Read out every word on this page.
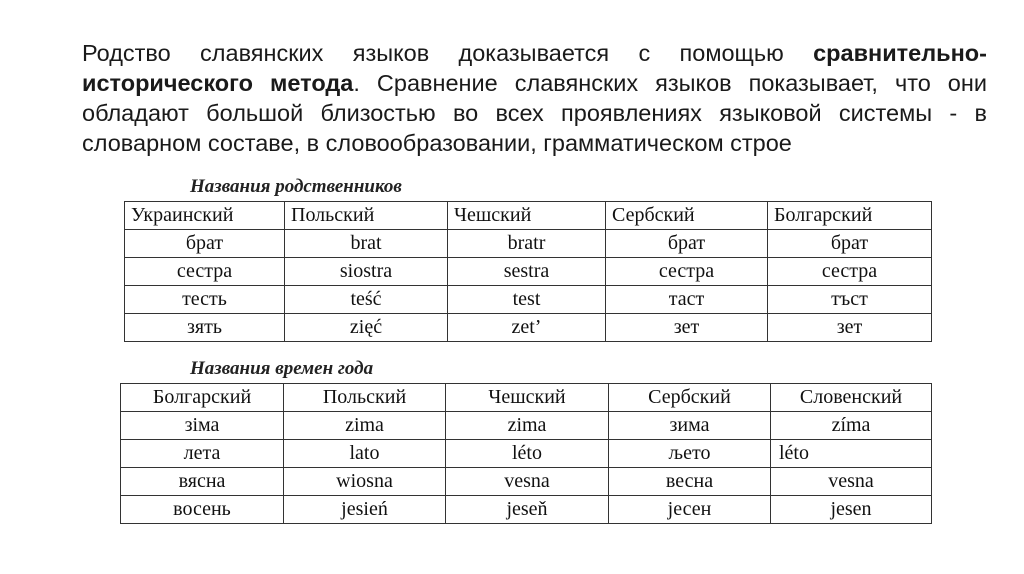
Родство славянских языков доказывается с помощью сравнительно-исторического метода. Сравнение славянских языков показывает, что они обладают большой близостью во всех проявлениях языковой системы - в словарном составе, в словообразовании, грамматическом строе

Названия родственников

Украинский	Польский	Чешский	Сербский	Болгарский
брат	brat	bratr	брат	брат
сестра	siostra	sestra	сестра	сестра
тесть	teść	test	таст	тъст
зять	zięć	zet’	зет	зет

Названия времен года

Болгарский	Польский	Чешский	Сербский	Словенский
зіма	zima	zima	зима	zíma
лета	lato	léto	љето	léto
вясна	wiosna	vesna	весна	vesna
восень	jesień	jeseň	јесен	jesen
